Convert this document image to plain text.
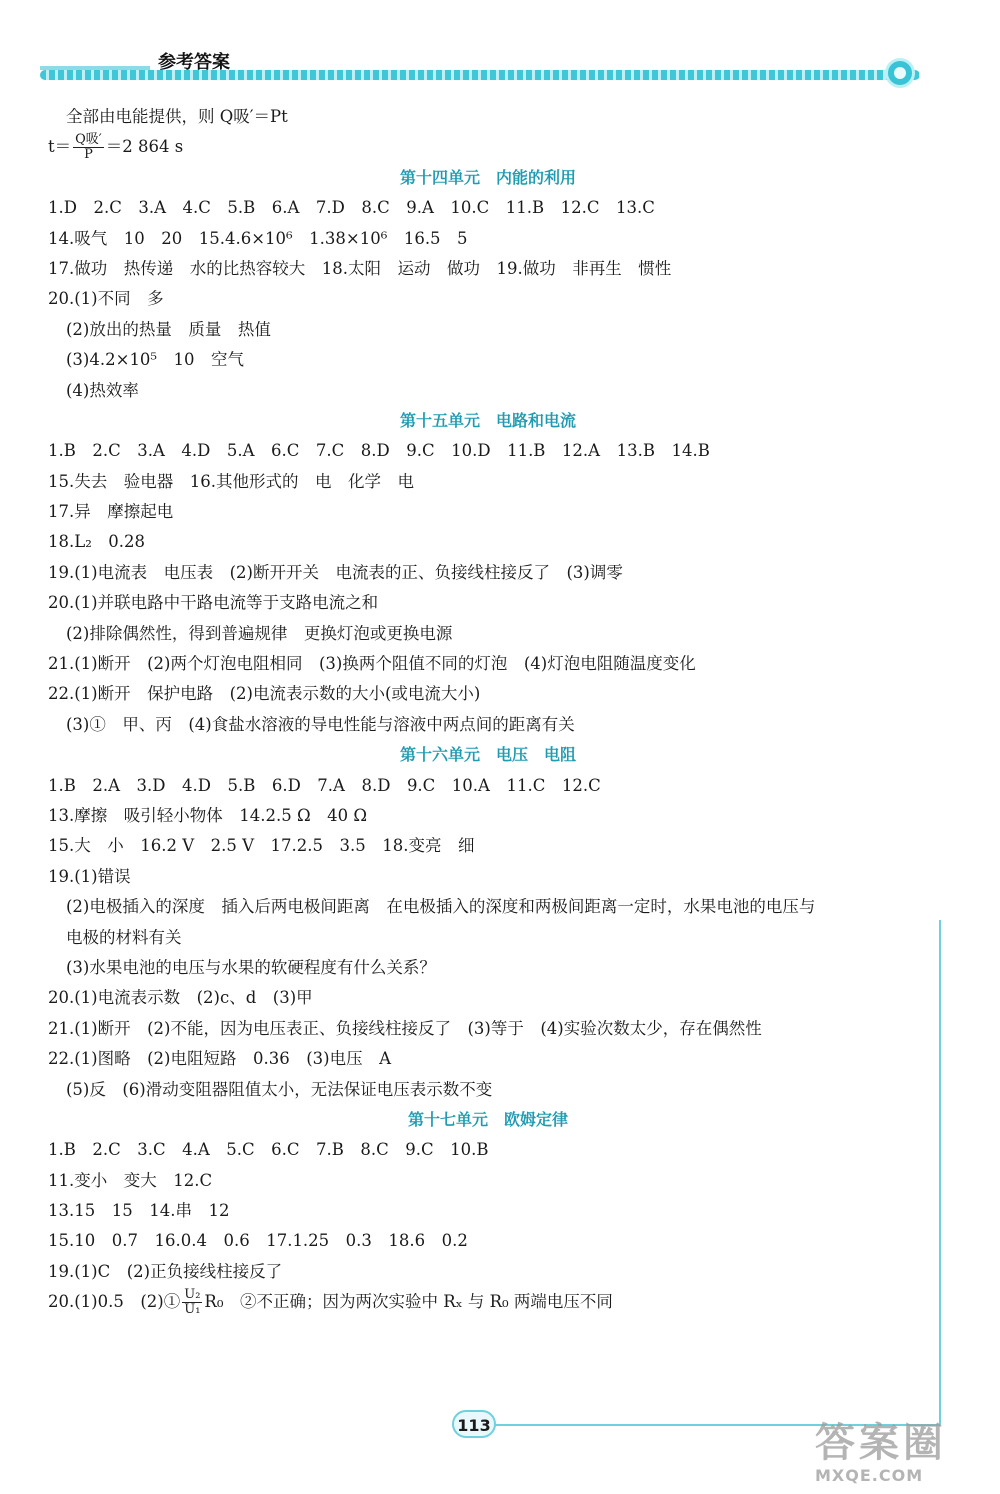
参考答案
全部由电能提供，则 Q吸′＝Pt
$t= \frac{\text{Q吸′}}{P} =2$ 864 s
第十四单元　内能的利用
1.D　2.C　3.A　4.C　5.B　6.A　7.D　8.C　9.A　10.C　11.B　12.C　13.C
14.吸气　10　20　15.4.6×10⁶　1.38×10⁶　16.5　5
17.做功　热传递　水的比热容较大　18.太阳　运动　做功　19.做功　非再生　惯性
20.(1)不同　多
(2)放出的热量　质量　热值
(3)4.2×10⁵　10　空气
(4)热效率
第十五单元　电路和电流
1.B　2.C　3.A　4.D　5.A　6.C　7.C　8.D　9.C　10.D　11.B　12.A　13.B　14.B
15.失去　验电器　16.其他形式的　电　化学　电
17.异　摩擦起电
18.L₂　0.28
19.(1)电流表　电压表　(2)断开开关　电流表的正、负接线柱接反了　(3)调零
20.(1)并联电路中干路电流等于支路电流之和
(2)排除偶然性，得到普遍规律　更换灯泡或更换电源
21.(1)断开　(2)两个灯泡电阻相同　(3)换两个阻值不同的灯泡　(4)灯泡电阻随温度变化
22.(1)断开　保护电路　(2)电流表示数的大小(或电流大小)
(3)①　甲、丙　(4)食盐水溶液的导电性能与溶液中两点间的距离有关
第十六单元　电压　电阻
1.B　2.A　3.D　4.D　5.B　6.D　7.A　8.D　9.C　10.A　11.C　12.C
13.摩擦　吸引轻小物体　14.2.5 Ω　40 Ω
15.大　小　16.2 V　2.5 V　17.2.5　3.5　18.变亮　细
19.(1)错误
(2)电极插入的深度　插入后两电极间距离　在电极插入的深度和两极间距离一定时，水果电池的电压与
电极的材料有关
(3)水果电池的电压与水果的软硬程度有什么关系？
20.(1)电流表示数　(2)c、d　(3)甲
21.(1)断开　(2)不能，因为电压表正、负接线柱接反了　(3)等于　(4)实验次数太少，存在偶然性
22.(1)图略　(2)电阻短路　0.36　(3)电压　A
(5)反　(6)滑动变阻器阻值太小，无法保证电压表示数不变
第十七单元　欧姆定律
1.B　2.C　3.C　4.A　5.C　6.C　7.B　8.C　9.C　10.B
11.变小　变大　12.C
13.15　15　14.串　12
15.10　0.7　16.0.4　0.6　17.1.25　0.3　18.6　0.2
19.(1)C　(2)正负接线柱接反了
20.(1)0.5　(2)① $\frac{\text{U₂}}{\text{U₁}} R_0$　②不正确；因为两次实验中 Rₓ 与 R₀ 两端电压不同
113	答案圈
MXQE.COM
